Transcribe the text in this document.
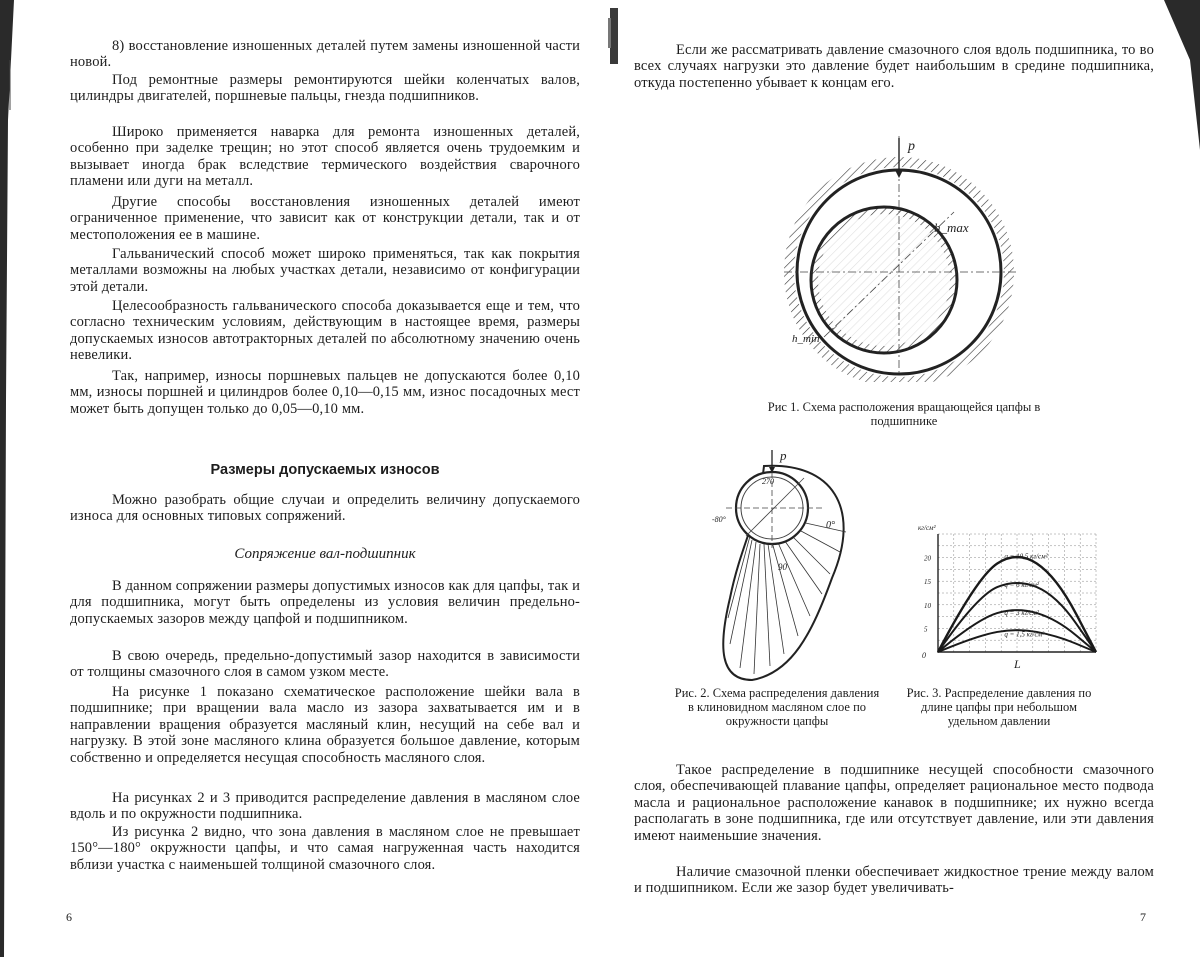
8) восстановление изношенных деталей путем замены изношенной части новой.

Под ремонтные размеры ремонтируются шейки коленчатых валов, цилиндры двигателей, поршневые пальцы, гнезда подшипников.

Широко применяется наварка для ремонта изношенных деталей, особенно при заделке трещин; но этот способ является очень трудоемким и вызывает иногда брак вследствие термического воздействия сварочного пламени или дуги на металл.

Другие способы восстановления изношенных деталей имеют ограниченное применение, что зависит как от конструкции детали, так и от местоположения ее в машине.

Гальванический способ может широко применяться, так как покрытия металлами возможны на любых участках детали, независимо от конфигурации этой детали.

Целесообразность гальванического способа доказывается еще и тем, что согласно техническим условиям, действующим в настоящее время, размеры допускаемых износов автотракторных деталей по абсолютному значению очень невелики.

Так, например, износы поршневых пальцев не допускаются более 0,10 мм, износы поршней и цилиндров более 0,10—0,15 мм, износ посадочных мест может быть допущен только до 0,05—0,10 мм.

Размеры допускаемых износов

Можно разобрать общие случаи и определить величину допускаемого износа для основных типовых сопряжений.

Сопряжение вал-подшипник

В данном сопряжении размеры допустимых износов как для цапфы, так и для подшипника, могут быть определены из условия величин предельно-допускаемых зазоров между цапфой и подшипником.

В свою очередь, предельно-допустимый зазор находится в зависимости от толщины смазочного слоя в самом узком месте.

На рисунке 1 показано схематическое расположение шейки вала в подшипнике; при вращении вала масло из зазора захватывается им и в направлении вращения образуется масляный клин, несущий на себе вал и нагрузку. В этой зоне масляного клина образуется большое давление, которым собственно и определяется несущая способность масляного слоя.

На рисунках 2 и 3 приводится распределение давления в масляном слое вдоль и по окружности подшипника.

Из рисунка 2 видно, что зона давления в масляном слое не превышает 150°—180° окружности цапфы, и что самая нагруженная часть находится вблизи участка с наименьшей толщиной смазочного слоя.

6

Если же рассматривать давление смазочного слоя вдоль подшипника, то во всех случаях нагрузки это давление будет наибольшим в средине подшипника, откуда постепенно убывает к концам его.

p
h_max
h_min

Рис 1. Схема расположения вращающейся цапфы в подшипнике

p
270
-80°
0°
90

Рис. 2. Схема распределения давления в клиновидном масляном слое по окружности цапфы

5
10
15
20	q = 10,5 кг/см²
q = 6 кг/см²
q = 3 кг/см²
q = 1,5 кг/см²
кг/см²
0
L

Рис. 3. Распределение давления по длине цапфы при небольшом удельном давлении

Такое распределение в подшипнике несущей способности смазочного слоя, обеспечивающей плавание цапфы, определяет рациональное место подвода масла и рациональное расположение канавок в подшипнике; их нужно всегда располагать в зоне подшипника, где или отсутствует давление, или эти давления имеют наименьшие значения.

Наличие смазочной пленки обеспечивает жидкостное трение между валом и подшипником. Если же зазор будет увеличивать-

7
